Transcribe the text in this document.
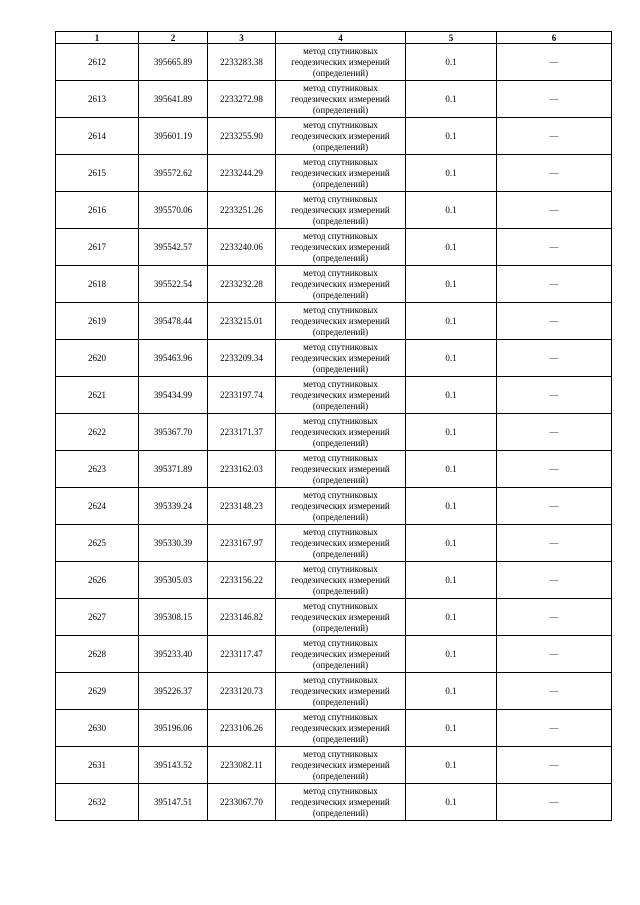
1	2	3	4	5	6
2612	395665.89	2233283.38	метод спутниковых
геодезических измерений
(определений)	0.1	—
2613	395641.89	2233272.98	метод спутниковых
геодезических измерений
(определений)	0.1	—
2614	395601.19	2233255.90	метод спутниковых
геодезических измерений
(определений)	0.1	—
2615	395572.62	2233244.29	метод спутниковых
геодезических измерений
(определений)	0.1	—
2616	395570.06	2233251.26	метод спутниковых
геодезических измерений
(определений)	0.1	—
2617	395542.57	2233240.06	метод спутниковых
геодезических измерений
(определений)	0.1	—
2618	395522.54	2233232.28	метод спутниковых
геодезических измерений
(определений)	0.1	—
2619	395478.44	2233215.01	метод спутниковых
геодезических измерений
(определений)	0.1	—
2620	395463.96	2233209.34	метод спутниковых
геодезических измерений
(определений)	0.1	—
2621	395434.99	2233197.74	метод спутниковых
геодезических измерений
(определений)	0.1	—
2622	395367.70	2233171.37	метод спутниковых
геодезических измерений
(определений)	0.1	—
2623	395371.89	2233162.03	метод спутниковых
геодезических измерений
(определений)	0.1	—
2624	395339.24	2233148.23	метод спутниковых
геодезических измерений
(определений)	0.1	—
2625	395330.39	2233167.97	метод спутниковых
геодезических измерений
(определений)	0.1	—
2626	395305.03	2233156.22	метод спутниковых
геодезических измерений
(определений)	0.1	—
2627	395308.15	2233146.82	метод спутниковых
геодезических измерений
(определений)	0.1	—
2628	395233.40	2233117.47	метод спутниковых
геодезических измерений
(определений)	0.1	—
2629	395226.37	2233120.73	метод спутниковых
геодезических измерений
(определений)	0.1	—
2630	395196.06	2233106.26	метод спутниковых
геодезических измерений
(определений)	0.1	—
2631	395143.52	2233082.11	метод спутниковых
геодезических измерений
(определений)	0.1	—
2632	395147.51	2233067.70	метод спутниковых
геодезических измерений
(определений)	0.1	—
